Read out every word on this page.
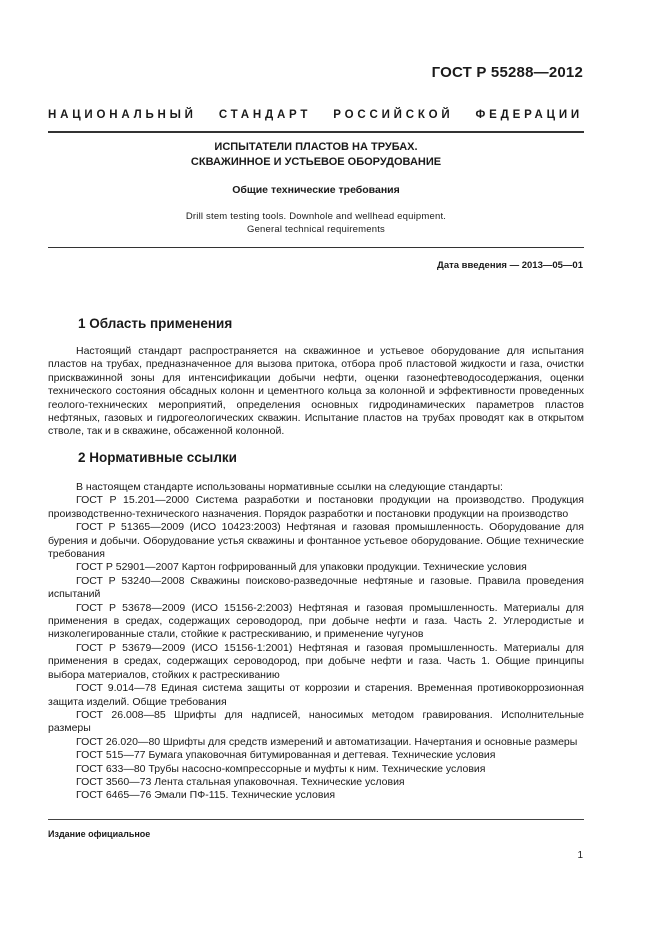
ГОСТ Р 55288—2012
НАЦИОНАЛЬНЫЙ СТАНДАРТ РОССИЙСКОЙ ФЕДЕРАЦИИ
ИСПЫТАТЕЛИ ПЛАСТОВ НА ТРУБАХ.
СКВАЖИННОЕ И УСТЬЕВОЕ ОБОРУДОВАНИЕ
Общие технические требования
Drill stem testing tools. Downhole and wellhead equipment.
General technical requirements
Дата введения — 2013—05—01
1 Область применения

Настоящий стандарт распространяется на скважинное и устьевое оборудование для испытания пластов на трубах, предназначенное для вызова притока, отбора проб пластовой жидкости и газа, очистки прискважинной зоны для интенсификации добычи нефти, оценки газонефтеводосодержания, оценки технического состояния обсадных колонн и цементного кольца за колонной и эффективности проведенных геолого-технических мероприятий, определения основных гидродинамических параметров пластов нефтяных, газовых и гидрогеологических скважин. Испытание пластов на трубах проводят как в открытом стволе, так и в скважине, обсаженной колонной.

2 Нормативные ссылки

В настоящем стандарте использованы нормативные ссылки на следующие стандарты:

ГОСТ Р 15.201—2000 Система разработки и постановки продукции на производство. Продукция производственно-технического назначения. Порядок разработки и постановки продукции на производство

ГОСТ Р 51365—2009 (ИСО 10423:2003) Нефтяная и газовая промышленность. Оборудование для бурения и добычи. Оборудование устья скважины и фонтанное устьевое оборудование. Общие технические требования

ГОСТ Р 52901—2007 Картон гофрированный для упаковки продукции. Технические условия

ГОСТ Р 53240—2008 Скважины поисково-разведочные нефтяные и газовые. Правила проведения испытаний

ГОСТ Р 53678—2009 (ИСО 15156-2:2003) Нефтяная и газовая промышленность. Материалы для применения в средах, содержащих сероводород, при добыче нефти и газа. Часть 2. Углеродистые и низколегированные стали, стойкие к растрескиванию, и применение чугунов

ГОСТ Р 53679—2009 (ИСО 15156-1:2001) Нефтяная и газовая промышленность. Материалы для применения в средах, содержащих сероводород, при добыче нефти и газа. Часть 1. Общие принципы выбора материалов, стойких к растрескиванию

ГОСТ 9.014—78 Единая система защиты от коррозии и старения. Временная противокоррозионная защита изделий. Общие требования

ГОСТ 26.008—85 Шрифты для надписей, наносимых методом гравирования. Исполнительные размеры

ГОСТ 26.020—80 Шрифты для средств измерений и автоматизации. Начертания и основные размеры

ГОСТ 515—77 Бумага упаковочная битумированная и дегтевая. Технические условия

ГОСТ 633—80 Трубы насосно-компрессорные и муфты к ним. Технические условия

ГОСТ 3560—73 Лента стальная упаковочная. Технические условия

ГОСТ 6465—76 Эмали ПФ-115. Технические условия

Издание официальное
1
